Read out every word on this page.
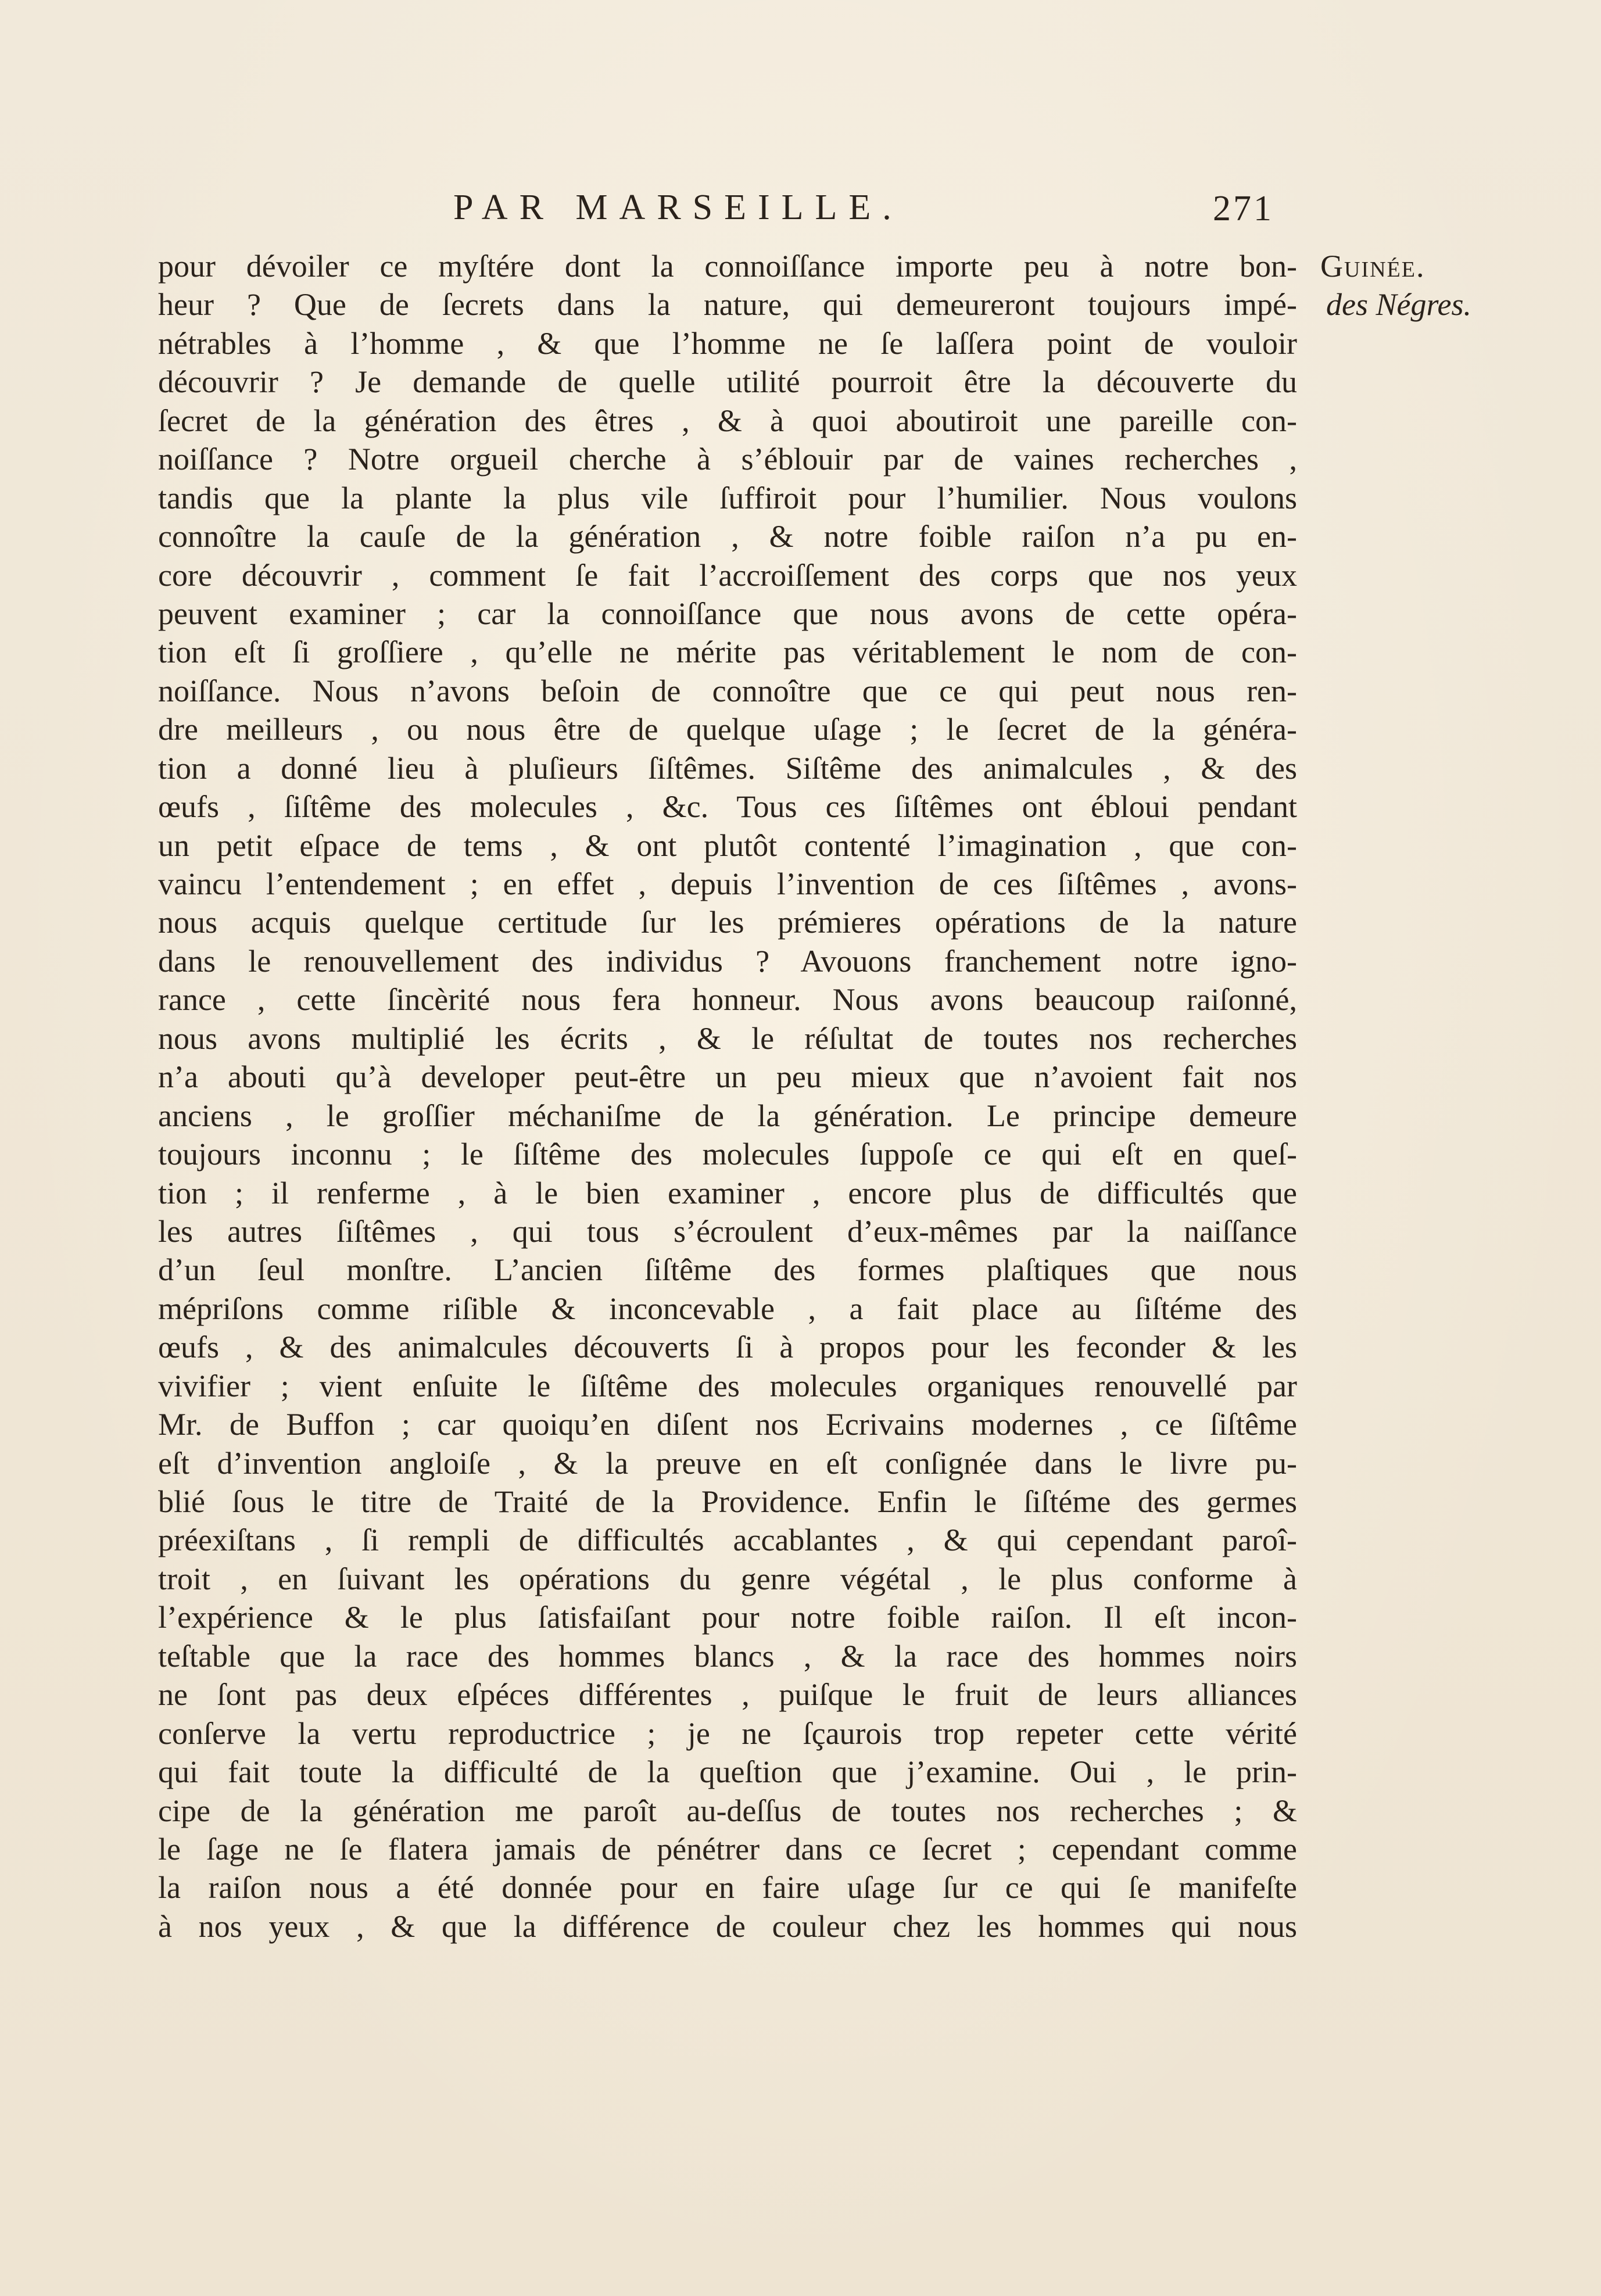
PAR MARSEILLE.	271
Guinée.
des Négres.
pour dévoiler ce myſtére dont la connoiſſance importe peu à notre bon-
heur ? Que de ſecrets dans la nature, qui demeureront toujours impé-
nétrables à l’homme , & que l’homme ne ſe laſſera point de vouloir
découvrir ? Je demande de quelle utilité pourroit être la découverte du
ſecret de la génération des êtres , & à quoi aboutiroit une pareille con-
noiſſance ? Notre orgueil cherche à s’éblouir par de vaines recherches ,
tandis que la plante la plus vile ſuffiroit pour l’humilier. Nous voulons
connoître la cauſe de la génération , & notre foible raiſon n’a pu en-
core découvrir , comment ſe fait l’accroiſſement des corps que nos yeux
peuvent examiner ; car la connoiſſance que nous avons de cette opéra-
tion eſt ſi groſſiere , qu’elle ne mérite pas véritablement le nom de con-
noiſſance. Nous n’avons beſoin de connoître que ce qui peut nous ren-
dre meilleurs , ou nous être de quelque uſage ; le ſecret de la généra-
tion a donné lieu à pluſieurs ſiſtêmes. Siſtême des animalcules , & des
œufs , ſiſtême des molecules , &c. Tous ces ſiſtêmes ont ébloui pendant
un petit eſpace de tems , & ont plutôt contenté l’imagination , que con-
vaincu l’entendement ; en effet , depuis l’invention de ces ſiſtêmes , avons-
nous acquis quelque certitude ſur les prémieres opérations de la nature
dans le renouvellement des individus ? Avouons franchement notre igno-
rance , cette ſincèrité nous fera honneur. Nous avons beaucoup raiſonné,
nous avons multiplié les écrits , & le réſultat de toutes nos recherches
n’a abouti qu’à developer peut-être un peu mieux que n’avoient fait nos
anciens , le groſſier méchaniſme de la génération. Le principe demeure
toujours inconnu ; le ſiſtême des molecules ſuppoſe ce qui eſt en queſ-
tion ; il renferme , à le bien examiner , encore plus de difficultés que
les autres ſiſtêmes , qui tous s’écroulent d’eux-mêmes par la naiſſance
d’un ſeul monſtre. L’ancien ſiſtême des formes plaſtiques que nous
mépriſons comme riſible & inconcevable , a fait place au ſiſtéme des
œufs , & des animalcules découverts ſi à propos pour les feconder & les
vivifier ; vient enſuite le ſiſtême des molecules organiques renouvellé par
Mr. de Buffon ; car quoiqu’en diſent nos Ecrivains modernes , ce ſiſtême
eſt d’invention angloiſe , & la preuve en eſt conſignée dans le livre pu-
blié ſous le titre de Traité de la Providence. Enfin le ſiſtéme des germes
préexiſtans , ſi rempli de difficultés accablantes , & qui cependant paroî-
troit , en ſuivant les opérations du genre végétal , le plus conforme à
l’expérience & le plus ſatisfaiſant pour notre foible raiſon. Il eſt incon-
teſtable que la race des hommes blancs , & la race des hommes noirs
ne ſont pas deux eſpéces différentes , puiſque le fruit de leurs alliances
conſerve la vertu reproductrice ; je ne ſçaurois trop repeter cette vérité
qui fait toute la difficulté de la queſtion que j’examine. Oui , le prin-
cipe de la génération me paroît au-deſſus de toutes nos recherches ; &
le ſage ne ſe flatera jamais de pénétrer dans ce ſecret ; cependant comme
la raiſon nous a été donnée pour en faire uſage ſur ce qui ſe manifeſte
à nos yeux , & que la différence de couleur chez les hommes qui nous
